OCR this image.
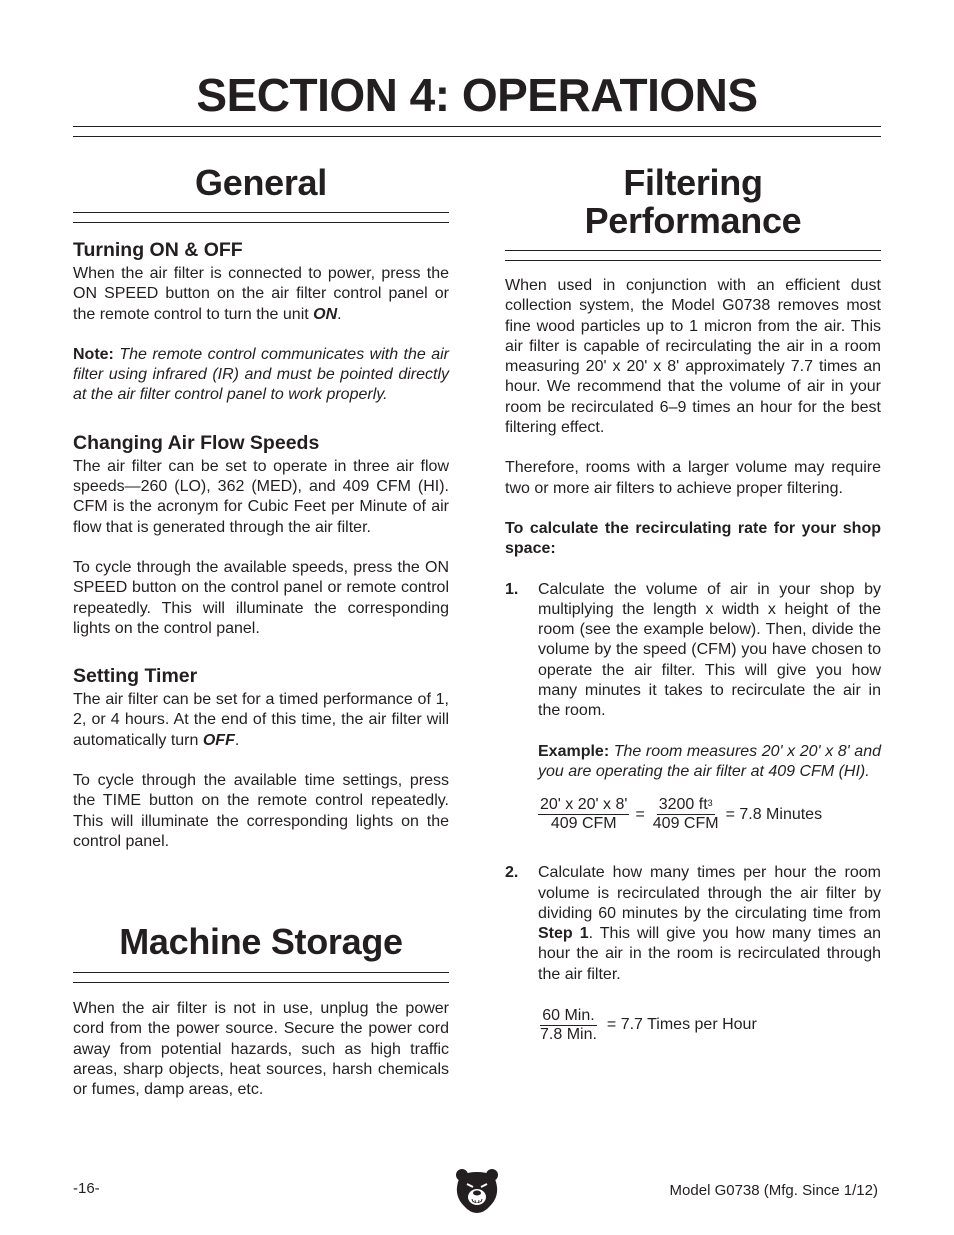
SECTION 4: OPERATIONS
General
Turning ON & OFF

When the air filter is connected to power, press the ON SPEED button on the air filter control panel or the remote control to turn the unit ON.

Note: The remote control communicates with the air filter using infrared (IR) and must be pointed directly at the air filter control panel to work properly.

Changing Air Flow Speeds

The air filter can be set to operate in three air flow speeds—260 (LO), 362 (MED), and 409 CFM (HI). CFM is the acronym for Cubic Feet per Minute of air flow that is generated through the air filter.

To cycle through the available speeds, press the ON SPEED button on the control panel or remote control repeatedly. This will illuminate the corresponding lights on the control panel.

Setting Timer

The air filter can be set for a timed performance of 1, 2, or 4 hours. At the end of this time, the air filter will automatically turn OFF.

To cycle through the available time settings, press the TIME button on the remote control repeatedly. This will illuminate the corresponding lights on the control panel.

Machine Storage

When the air filter is not in use, unplug the power cord from the power source. Secure the power cord away from potential hazards, such as high traffic areas, sharp objects, heat sources, harsh chemicals or fumes, damp areas, etc.

Filtering
Performance

When used in conjunction with an efficient dust collection system, the Model G0738 removes most fine wood particles up to 1 micron from the air. This air filter is capable of recirculating the air in a room measuring 20' x 20' x 8' approximately 7.7 times an hour. We recommend that the volume of air in your room be recirculated 6–9 times an hour for the best filtering effect.

Therefore, rooms with a larger volume may require two or more air filters to achieve proper filtering.

To calculate the recirculating rate for your shop space:

1. Calculate the volume of air in your shop by multiplying the length x width x height of the room (see the example below). Then, divide the volume by the speed (CFM) you have chosen to operate the air filter. This will give you how many minutes it takes to recirculate the air in the room.

Example: The room measures 20' x 20' x 8' and you are operating the air filter at 409 CFM (HI).

$\frac{20' x 20' x 8'}{\text{409 CFM}} = \frac{3200 ft^3}{\text{409 CFM}} = 7.8$ Minutes
2. Calculate how many times per hour the room volume is recirculated through the air filter by dividing 60 minutes by the circulating time from Step 1. This will give you how many times an hour the air in the room is recirculated through the air filter.

$\frac{\text{60 Min.}}{\text{7.8 Min.}} = 7.7$ Times per Hour
-16-	Model G0738 (Mfg. Since 1/12)
